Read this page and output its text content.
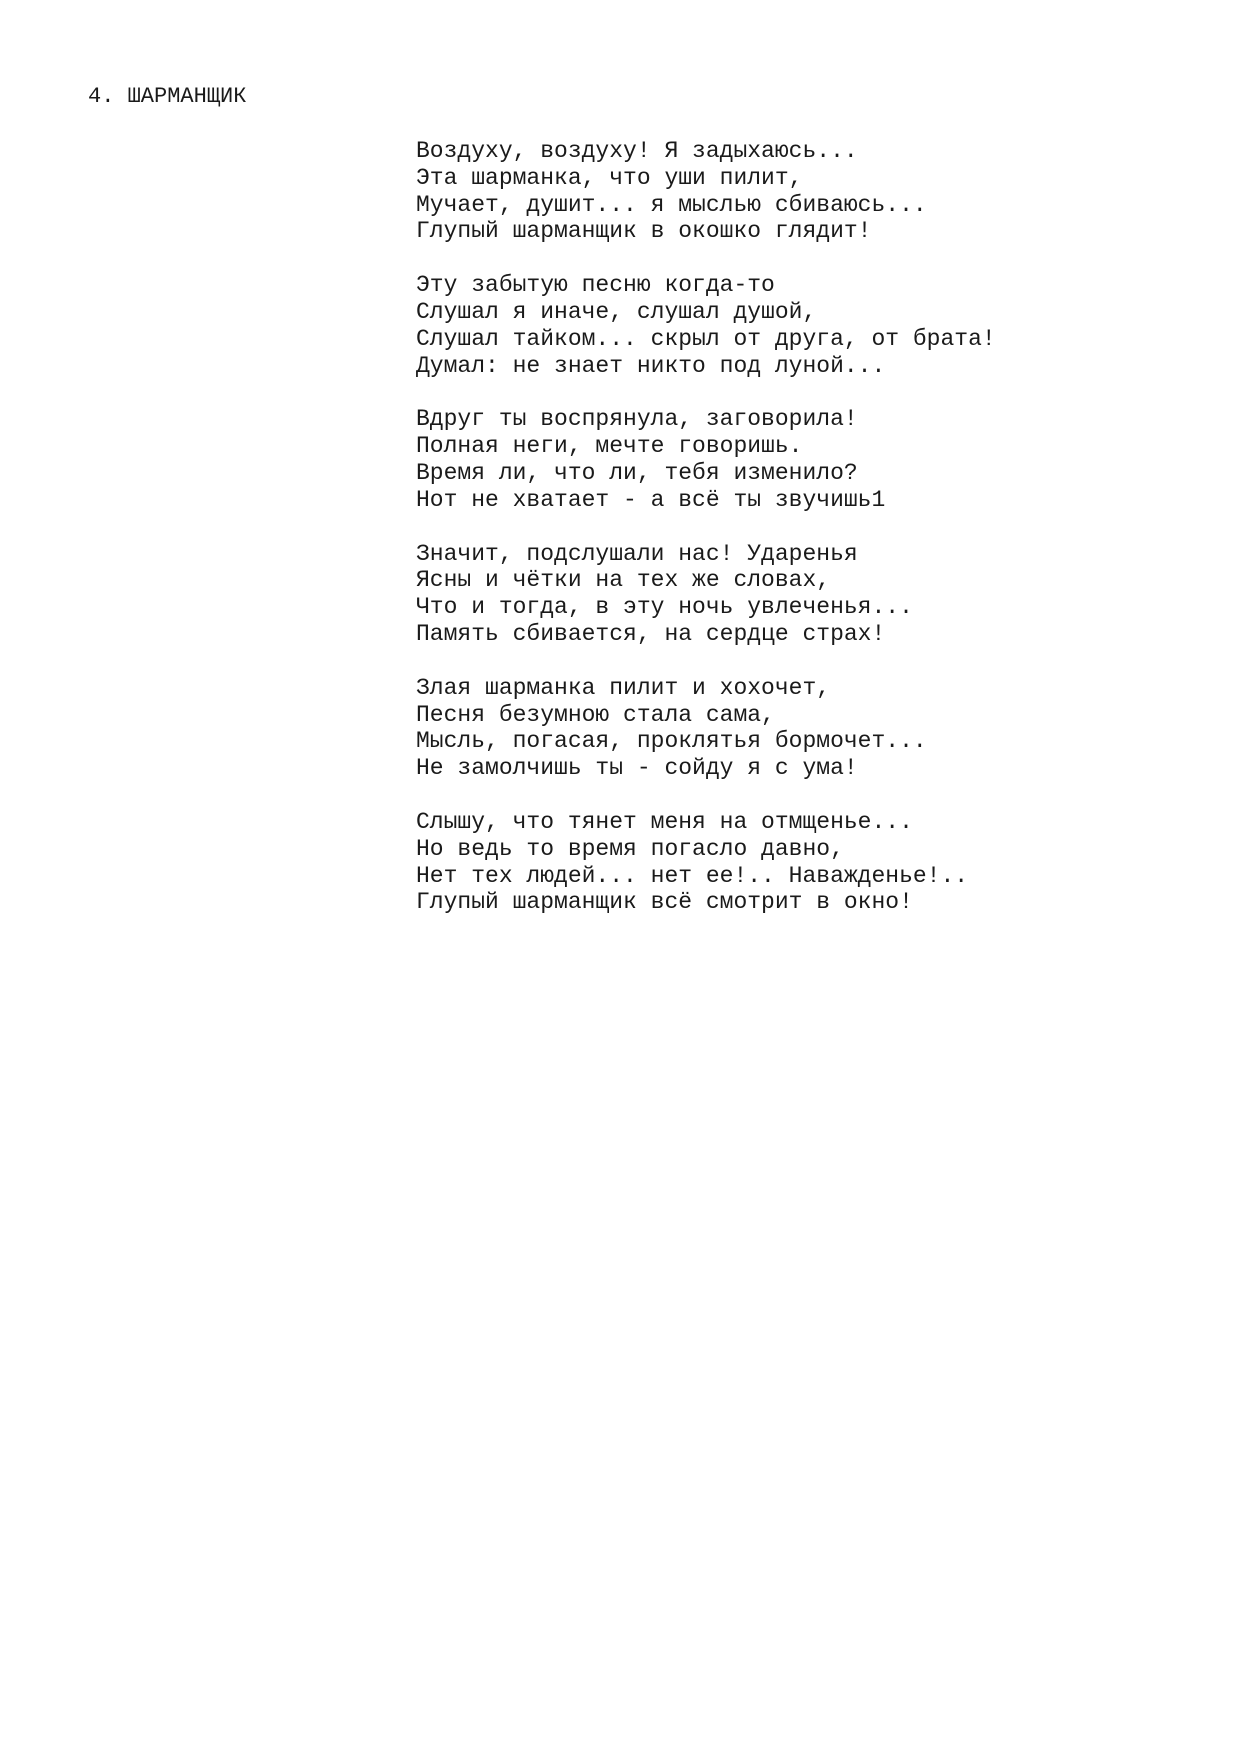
4. ШАРМАНЩИК
Воздуху, воздуху! Я задыхаюсь...
Эта шарманка, что уши пилит,
Мучает, душит... я мыслью сбиваюсь...
Глупый шарманщик в окошко глядит!
Эту забытую песню когда-то
Слушал я иначе, слушал душой,
Слушал тайком... скрыл от друга, от брата!
Думал: не знает никто под луной...
Вдруг ты воспрянула, заговорила!
Полная неги, мечте говоришь.
Время ли, что ли, тебя изменило?
Нот не хватает - а всё ты звучишь1
Значит, подслушали нас! Ударенья
Ясны и чётки на тех же словах,
Что и тогда, в эту ночь увлеченья...
Память сбивается, на сердце страх!
Злая шарманка пилит и хохочет,
Песня безумною стала сама,
Мысль, погасая, проклятья бормочет...
Не замолчишь ты - сойду я с ума!
Слышу, что тянет меня на отмщенье...
Но ведь то время погасло давно,
Нет тех людей... нет ее!.. Наважденье!..
Глупый шарманщик всё смотрит в окно!
